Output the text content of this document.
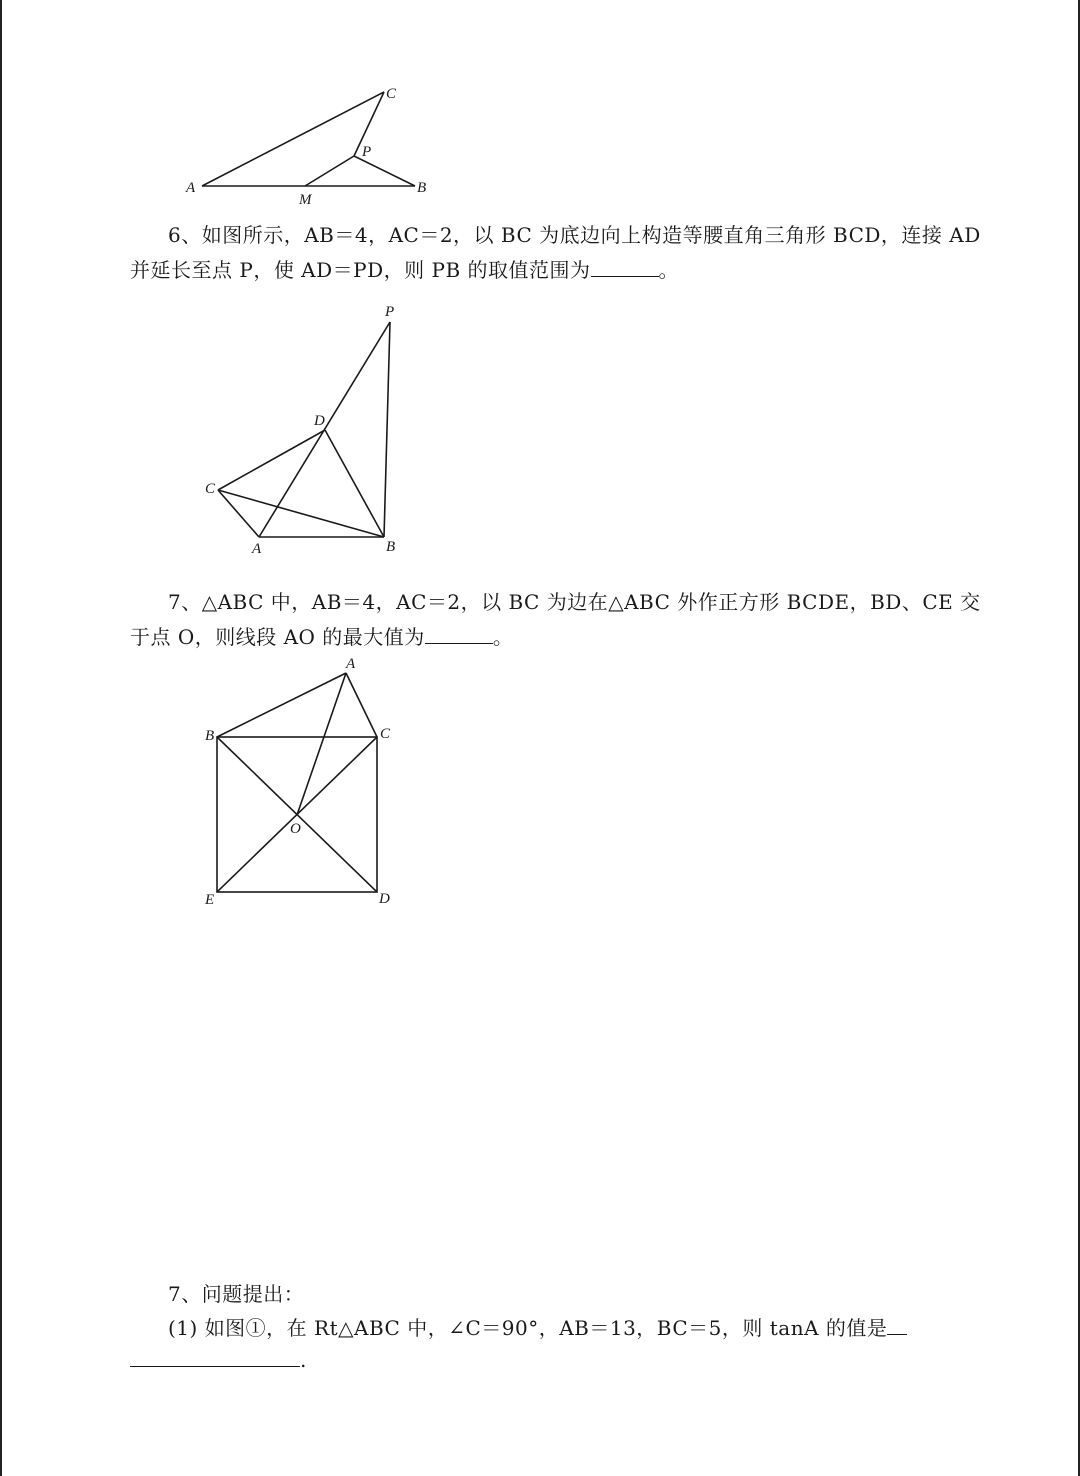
A	B
C
P
M
6、如图所示，AB＝4，AC＝2，以 BC 为底边向上构造等腰直角三角形 BCD，连接 AD
并延长至点 P，使 AD＝PD，则 PB 的取值范围为	。
P
D
C
A	B
7、△ABC 中，AB＝4，AC＝2，以 BC 为边在△ABC 外作正方形 BCDE，BD、CE 交
于点 O，则线段 AO 的最大值为	。
A
B	C
O
E	D
7、问题提出：
(1) 如图①，在 Rt△ABC 中，∠C＝90°，AB＝13，BC＝5，则 tanA 的值是
.
